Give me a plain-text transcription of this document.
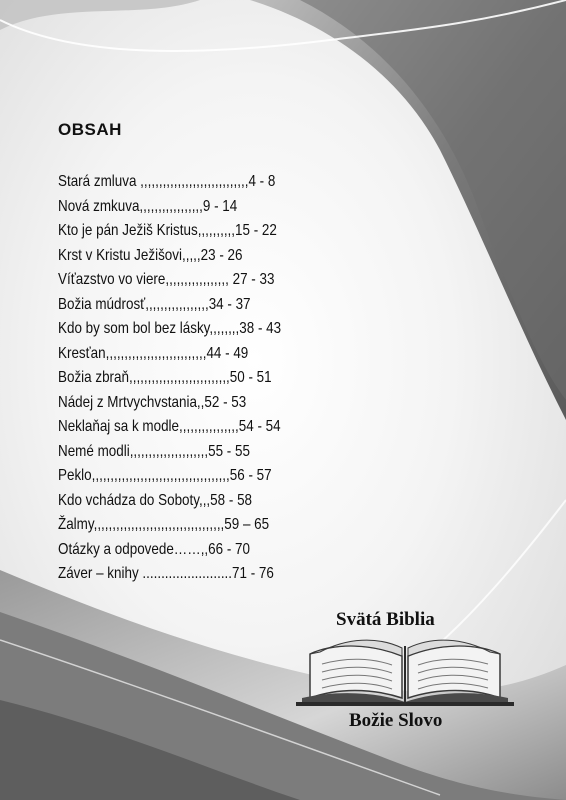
OBSAH
Stará zmluva ,,,,,,,,,,,,,,,,,,,,,,,,,,,,,4 - 8
Nová zmkuva,,,,,,,,,,,,,,,,,9 - 14
Kto je pán Ježiš Kristus,,,,,,,,,,15 - 22
Krst v Kristu Ježišovi,,,,,23 - 26
Víťazstvo vo viere,,,,,,,,,,,,,,,,, 27 - 33
Božia múdrosť,,,,,,,,,,,,,,,,,34 - 37
Kdo by som bol bez lásky,,,,,,,,38 - 43
Kresťan,,,,,,,,,,,,,,,,,,,,,,,,,,,44 - 49
Božia zbraň,,,,,,,,,,,,,,,,,,,,,,,,,,,50 - 51
Nádej z Mrtvychvstania,,52 - 53
Neklaňaj sa k modle,,,,,,,,,,,,,,,,54 - 54
Nemé modli,,,,,,,,,,,,,,,,,,,,,55 - 55
Peklo,,,,,,,,,,,,,,,,,,,,,,,,,,,,,,,,,,,,,56 - 57
Kdo vchádza do Soboty,,,58 - 58
Žalmy,,,,,,,,,,,,,,,,,,,,,,,,,,,,,,,,,,,59 – 65
Otázky a odpovede……,,66 - 70
Záver – knihy ........................71 - 76

Svätá Biblia

Božie Slovo
